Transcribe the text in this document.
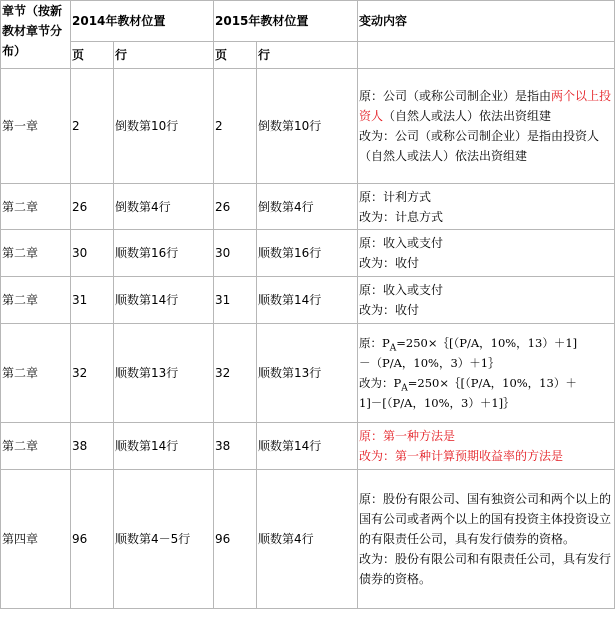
章节（按新教材章节分布）	2014年教材位置		2015年教材位置		变动内容
	页	行	页	行	
第一章	2	倒数第10行	2	倒数第10行	原：公司（或称公司制企业）是指由两个以上投资人（自然人或法人）依法出资组建
改为：公司（或称公司制企业）是指由投资人（自然人或法人）依法出资组建

第二章	26	倒数第4行	26	倒数第4行	原：计利方式
改为：计息方式

第二章	30	顺数第16行	30	顺数第16行	原：收入或支付
改为：收付

第二章	31	顺数第14行	31	顺数第14行	原：收入或支付
改为：收付

第二章	32	顺数第13行	32	顺数第13行	原：$P_A=250\times\{[(P/A$，10%，13）＋1]
－（P/A，10%，3）＋1｝
改为：$P_A=250\times\{[(P/A$，10%，13）＋
1]－[（P/A，10%，3）＋1]｝

第二章	38	顺数第14行	38	顺数第14行	原：第一种方法是
改为：第一种计算预期收益率的方法是

第四章	96	顺数第4－5行	96	顺数第4行	原：股份有限公司、国有独资公司和两个以上的国有公司或者两个以上的国有投资主体投资设立的有限责任公司，具有发行债券的资格。
改为：股份有限公司和有限责任公司，具有发行债券的资格。
